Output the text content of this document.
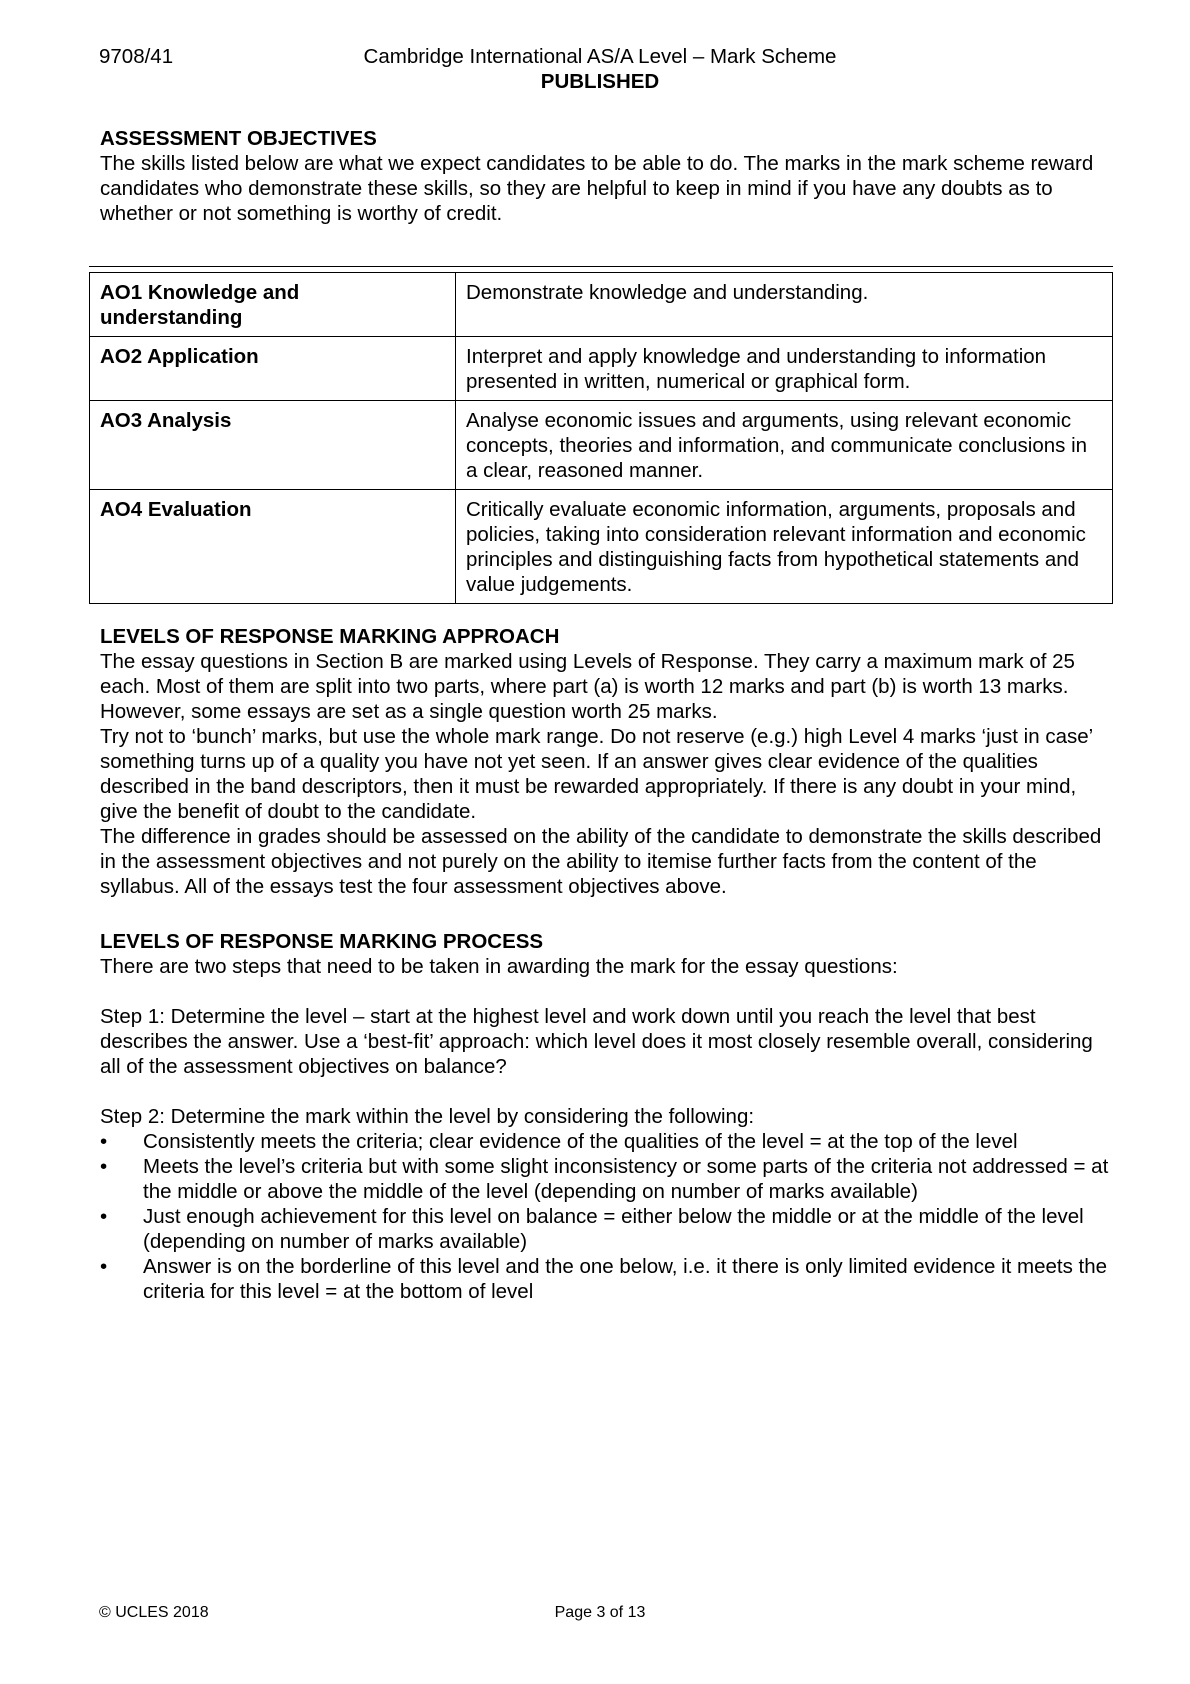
9708/41	Cambridge International AS/A Level – Mark Scheme
PUBLISHED

ASSESSMENT OBJECTIVES

The skills listed below are what we expect candidates to be able to do. The marks in the mark scheme reward candidates who demonstrate these skills, so they are helpful to keep in mind if you have any doubts as to whether or not something is worthy of credit.

AO1 Knowledge and understanding	Demonstrate knowledge and understanding.
AO2 Application	Interpret and apply knowledge and understanding to information presented in written, numerical or graphical form.
AO3 Analysis	Analyse economic issues and arguments, using relevant economic concepts, theories and information, and communicate conclusions in a clear, reasoned manner.
AO4 Evaluation	Critically evaluate economic information, arguments, proposals and policies, taking into consideration relevant information and economic principles and distinguishing facts from hypothetical statements and value judgements.

LEVELS OF RESPONSE MARKING APPROACH

The essay questions in Section B are marked using Levels of Response. They carry a maximum mark of 25 each. Most of them are split into two parts, where part (a) is worth 12 marks and part (b) is worth 13 marks. However, some essays are set as a single question worth 25 marks.

Try not to ‘bunch’ marks, but use the whole mark range. Do not reserve (e.g.) high Level 4 marks ‘just in case’ something turns up of a quality you have not yet seen. If an answer gives clear evidence of the qualities described in the band descriptors, then it must be rewarded appropriately. If there is any doubt in your mind, give the benefit of doubt to the candidate.

The difference in grades should be assessed on the ability of the candidate to demonstrate the skills described in the assessment objectives and not purely on the ability to itemise further facts from the content of the syllabus. All of the essays test the four assessment objectives above.

LEVELS OF RESPONSE MARKING PROCESS

There are two steps that need to be taken in awarding the mark for the essay questions:

Step 1: Determine the level – start at the highest level and work down until you reach the level that best describes the answer. Use a ‘best-fit’ approach: which level does it most closely resemble overall, considering all of the assessment objectives on balance?

Step 2: Determine the mark within the level by considering the following:

• Consistently meets the criteria; clear evidence of the qualities of the level = at the top of the level
• Meets the level’s criteria but with some slight inconsistency or some parts of the criteria not addressed = at the middle or above the middle of the level (depending on number of marks available)
• Just enough achievement for this level on balance = either below the middle or at the middle of the level (depending on number of marks available)
• Answer is on the borderline of this level and the one below, i.e. it there is only limited evidence it meets the criteria for this level = at the bottom of level
© UCLES 2018	Page 3 of 13
